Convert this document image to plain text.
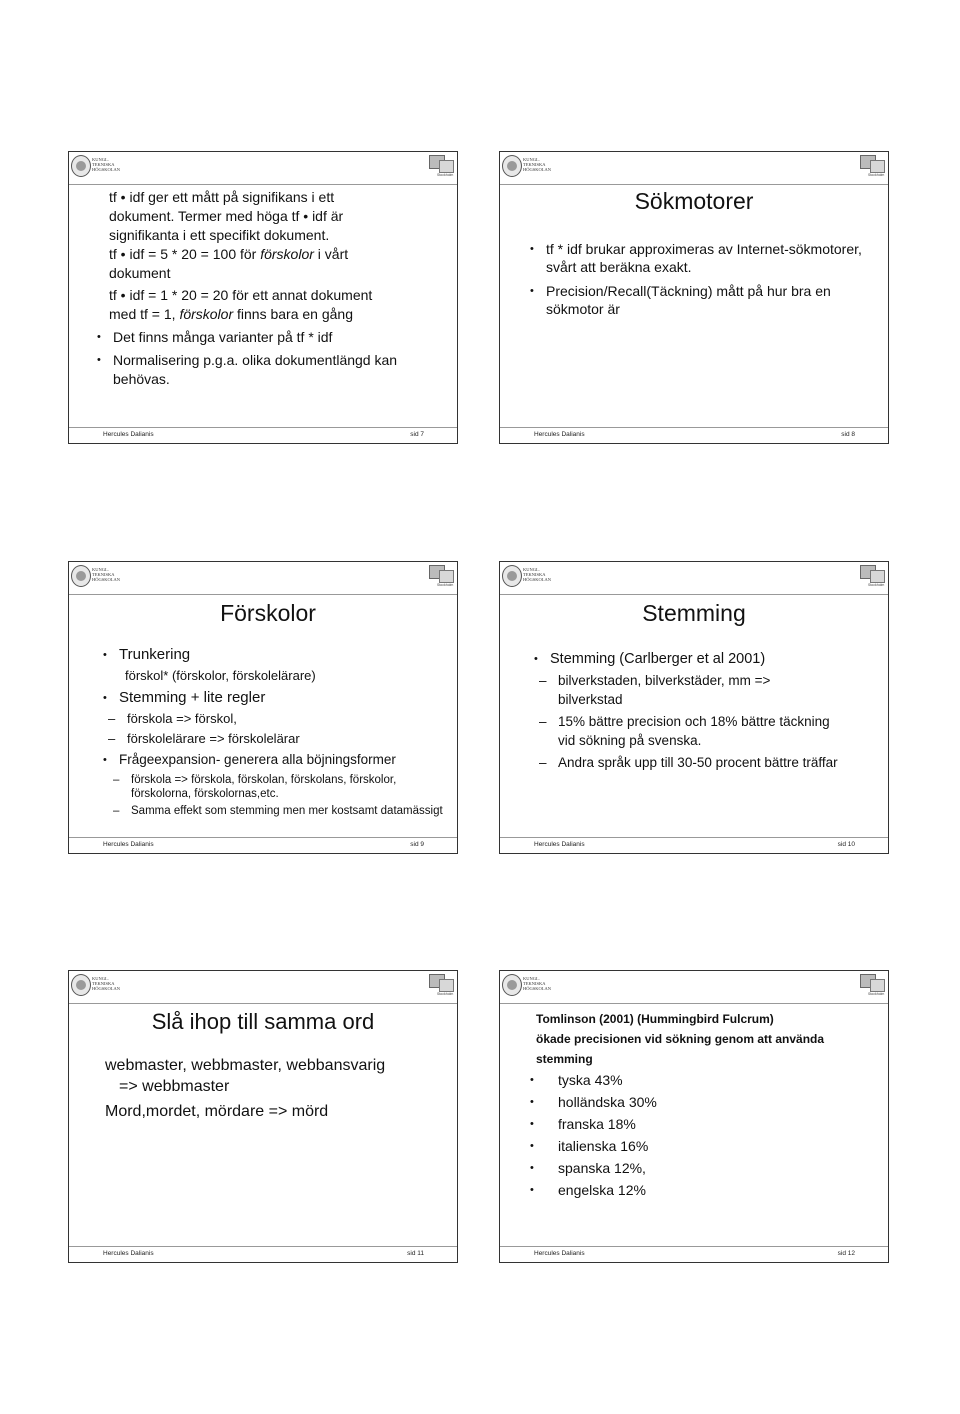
KUNGL.
TEKNISKA
HÖGSKOLAN
Stockholm
tf • idf ger ett mått på signifikans i ett
dokument. Termer med höga tf • idf är
signifikanta i ett specifikt dokument.
tf • idf = 5 * 20 = 100 för förskolor i vårt
dokument
tf • idf = 1 * 20 = 20 för ett annat dokument
med tf = 1, förskolor finns bara en gång
• Det finns många varianter på tf * idf
• Normalisering p.g.a. olika dokumentlängd kan
behövas.
Hercules Dalianis	sid 7
KUNGL.
TEKNISKA
HÖGSKOLAN
Stockholm
Sökmotorer
• tf * idf brukar approximeras av Internet-sökmotorer, svårt att beräkna exakt.
• Precision/Recall(Täckning) mått på hur bra en sökmotor är
Hercules Dalianis	sid 8
KUNGL.
TEKNISKA
HÖGSKOLAN
Stockholm
Förskolor
• Trunkering
förskol* (förskolor, förskolelärare)
• Stemming + lite regler
– förskola => förskol,
– förskolelärare => förskolelärar
• Frågeexpansion- generera alla böjningsformer
– förskola => förskola, förskolan, förskolans, förskolor, förskolorna, förskolornas,etc.
– Samma effekt som stemming men mer kostsamt datamässigt
Hercules Dalianis	sid 9
KUNGL.
TEKNISKA
HÖGSKOLAN
Stockholm
Stemming
• Stemming (Carlberger et al 2001)
– bilverkstaden, bilverkstäder, mm => bilverkstad
– 15% bättre precision och 18% bättre täckning vid sökning på svenska.
– Andra språk upp till 30-50 procent bättre träffar
Hercules Dalianis	sid 10
KUNGL.
TEKNISKA
HÖGSKOLAN
Stockholm
Slå ihop till samma ord
webmaster, webbmaster, webbansvarig
=> webbmaster
Mord,mordet, mördare => mörd
Hercules Dalianis	sid 11
KUNGL.
TEKNISKA
HÖGSKOLAN
Stockholm
Tomlinson (2001) (Hummingbird Fulcrum)
ökade precisionen vid sökning genom att använda
stemming
• tyska 43%
• holländska 30%
• franska 18%
• italienska 16%
• spanska 12%,
• engelska 12%
Hercules Dalianis	sid 12
